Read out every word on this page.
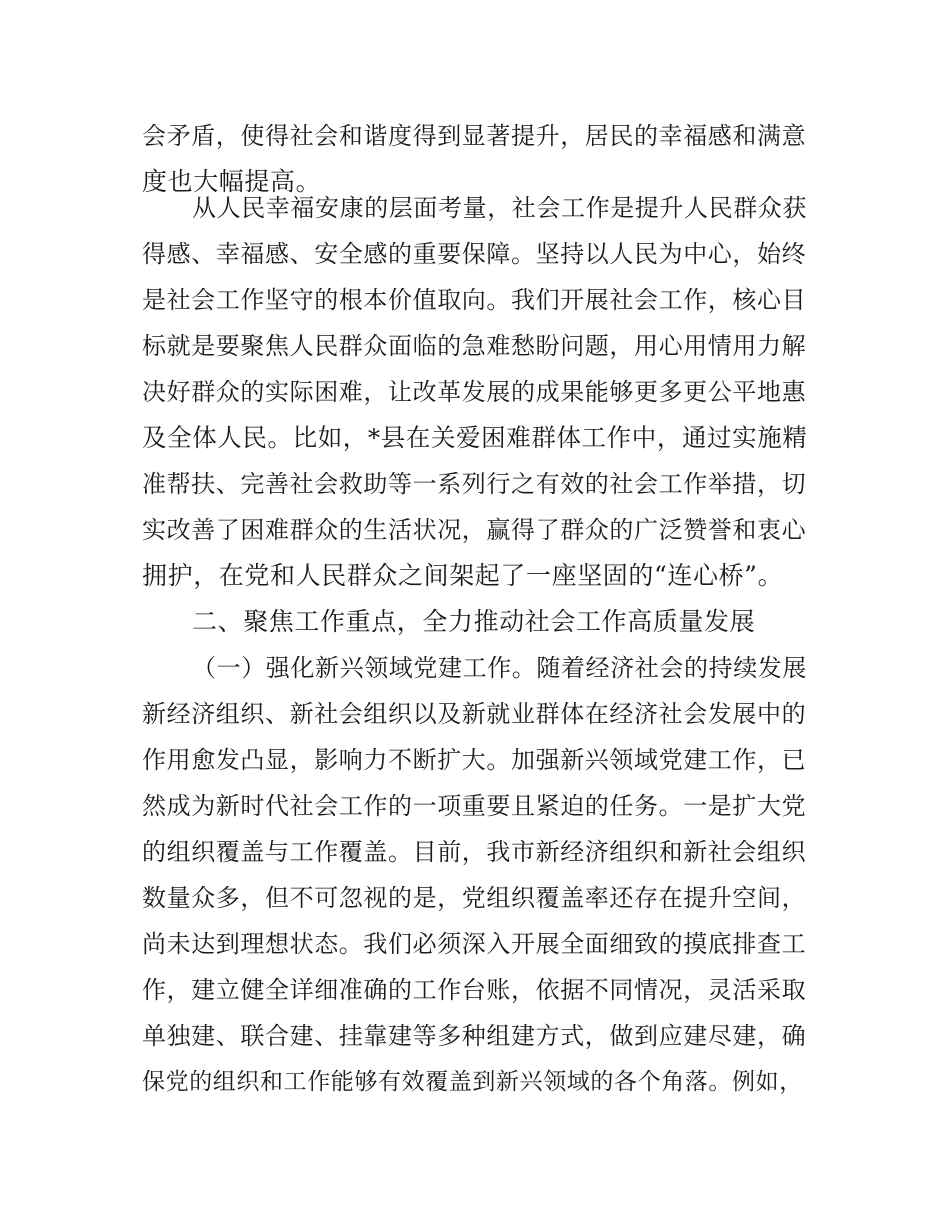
会矛盾，使得社会和谐度得到显著提升，居民的幸福感和满意
度也大幅提高。
从人民幸福安康的层面考量，社会工作是提升人民群众获
得感、幸福感、安全感的重要保障。坚持以人民为中心，始终
是社会工作坚守的根本价值取向。我们开展社会工作，核心目
标就是要聚焦人民群众面临的急难愁盼问题，用心用情用力解
决好群众的实际困难，让改革发展的成果能够更多更公平地惠
及全体人民。比如，*县在关爱困难群体工作中，通过实施精
准帮扶、完善社会救助等一系列行之有效的社会工作举措，切
实改善了困难群众的生活状况，赢得了群众的广泛赞誉和衷心
拥护，在党和人民群众之间架起了一座坚固的“连心桥”。
二、聚焦工作重点，全力推动社会工作高质量发展
（一）强化新兴领域党建工作。随着经济社会的持续发展
新经济组织、新社会组织以及新就业群体在经济社会发展中的
作用愈发凸显，影响力不断扩大。加强新兴领域党建工作，已
然成为新时代社会工作的一项重要且紧迫的任务。一是扩大党
的组织覆盖与工作覆盖。目前，我市新经济组织和新社会组织
数量众多，但不可忽视的是，党组织覆盖率还存在提升空间，
尚未达到理想状态。我们必须深入开展全面细致的摸底排查工
作，建立健全详细准确的工作台账，依据不同情况，灵活采取
单独建、联合建、挂靠建等多种组建方式，做到应建尽建，确
保党的组织和工作能够有效覆盖到新兴领域的各个角落。例如，
